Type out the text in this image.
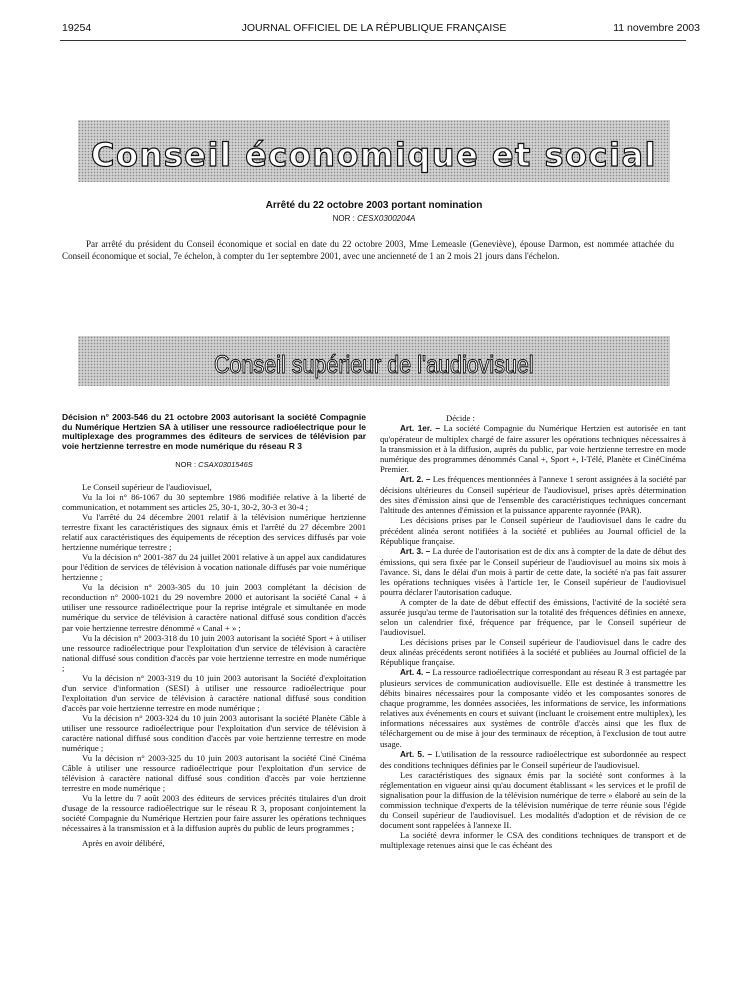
19254	JOURNAL OFFICIEL DE LA RÉPUBLIQUE FRANÇAISE	11 novembre 2003
Conseil économique et social
Arrêté du 22 octobre 2003 portant nomination
NOR : CESX0300204A

Par arrêté du président du Conseil économique et social en date du 22 octobre 2003, Mme Lemeasle (Geneviève), épouse Darmon, est nommée attachée du Conseil économique et social, 7e échelon, à compter du 1er septembre 2001, avec une ancienneté de 1 an 2 mois 21 jours dans l'échelon.

Conseil supérieur de l'audiovisuel

Décision n° 2003-546 du 21 octobre 2003 autorisant la société Compagnie du Numérique Hertzien SA à utiliser une ressource radioélectrique pour le multiplexage des programmes des éditeurs de services de télévision par voie hertzienne terrestre en mode numérique du réseau R 3

NOR : CSAX0301546S

Le Conseil supérieur de l'audiovisuel,

Vu la loi n° 86-1067 du 30 septembre 1986 modifiée relative à la liberté de communication, et notamment ses articles 25, 30-1, 30-2, 30-3 et 30-4 ;

Vu l'arrêté du 24 décembre 2001 relatif à la télévision numérique hertzienne terrestre fixant les caractéristiques des signaux émis et l'arrêté du 27 décembre 2001 relatif aux caractéristiques des équipements de réception des services diffusés par voie hertzienne numérique terrestre ;

Vu la décision n° 2001-387 du 24 juillet 2001 relative à un appel aux candidatures pour l'édition de services de télévision à vocation nationale diffusés par voie numérique hertzienne ;

Vu la décision n° 2003-305 du 10 juin 2003 complétant la décision de reconduction n° 2000-1021 du 29 novembre 2000 et autorisant la société Canal + à utiliser une ressource radioélectrique pour la reprise intégrale et simultanée en mode numérique du service de télévision à caractère national diffusé sous condition d'accès par voie hertzienne terrestre dénommé « Canal + » ;

Vu la décision n° 2003-318 du 10 juin 2003 autorisant la société Sport + à utiliser une ressource radioélectrique pour l'exploitation d'un service de télévision à caractère national diffusé sous condition d'accès par voie hertzienne terrestre en mode numérique ;

Vu la décision n° 2003-319 du 10 juin 2003 autorisant la Société d'exploitation d'un service d'information (SESI) à utiliser une ressource radioélectrique pour l'exploitation d'un service de télévision à caractère national diffusé sous condition d'accès par voie hertzienne terrestre en mode numérique ;

Vu la décision n° 2003-324 du 10 juin 2003 autorisant la société Planète Câble à utiliser une ressource radioélectrique pour l'exploitation d'un service de télévision à caractère national diffusé sous condition d'accès par voie hertzienne terrestre en mode numérique ;

Vu la décision n° 2003-325 du 10 juin 2003 autorisant la société Ciné Cinéma Câble à utiliser une ressource radioélectrique pour l'exploitation d'un service de télévision à caractère national diffusé sous condition d'accès par voie hertzienne terrestre en mode numérique ;

Vu la lettre du 7 août 2003 des éditeurs de services précités titulaires d'un droit d'usage de la ressource radioélectrique sur le réseau R 3, proposant conjointement la société Compagnie du Numérique Hertzien pour faire assurer les opérations techniques nécessaires à la transmission et à la diffusion auprès du public de leurs programmes ;

Après en avoir délibéré,

Décide :

Art. 1er. – La société Compagnie du Numérique Hertzien est autorisée en tant qu'opérateur de multiplex chargé de faire assurer les opérations techniques nécessaires à la transmission et à la diffusion, auprès du public, par voie hertzienne terrestre en mode numérique des programmes dénommés Canal +, Sport +, I-Télé, Planète et CinéCinéma Premier.

Art. 2. – Les fréquences mentionnées à l'annexe 1 seront assignées à la société par décisions ultérieures du Conseil supérieur de l'audiovisuel, prises après détermination des sites d'émission ainsi que de l'ensemble des caractéristiques techniques concernant l'altitude des antennes d'émission et la puissance apparente rayonnée (PAR).

Les décisions prises par le Conseil supérieur de l'audiovisuel dans le cadre du précédent alinéa seront notifiées à la société et publiées au Journal officiel de la République française.

Art. 3. – La durée de l'autorisation est de dix ans à compter de la date de début des émissions, qui sera fixée par le Conseil supérieur de l'audiovisuel au moins six mois à l'avance. Si, dans le délai d'un mois à partir de cette date, la société n'a pas fait assurer les opérations techniques visées à l'article 1er, le Conseil supérieur de l'audiovisuel pourra déclarer l'autorisation caduque.

A compter de la date de début effectif des émissions, l'activité de la société sera assurée jusqu'au terme de l'autorisation sur la totalité des fréquences définies en annexe, selon un calendrier fixé, fréquence par fréquence, par le Conseil supérieur de l'audiovisuel.

Les décisions prises par le Conseil supérieur de l'audiovisuel dans le cadre des deux alinéas précédents seront notifiées à la société et publiées au Journal officiel de la République française.

Art. 4. – La ressource radioélectrique correspondant au réseau R 3 est partagée par plusieurs services de communication audiovisuelle. Elle est destinée à transmettre les débits binaires nécessaires pour la composante vidéo et les composantes sonores de chaque programme, les données associées, les informations de service, les informations relatives aux événements en cours et suivant (incluant le croisement entre multiplex), les informations nécessaires aux systèmes de contrôle d'accès ainsi que les flux de téléchargement ou de mise à jour des terminaux de réception, à l'exclusion de tout autre usage.

Art. 5. – L'utilisation de la ressource radioélectrique est subordonnée au respect des conditions techniques définies par le Conseil supérieur de l'audiovisuel.

Les caractéristiques des signaux émis par la société sont conformes à la réglementation en vigueur ainsi qu'au document établissant « les services et le profil de signalisation pour la diffusion de la télévision numérique de terre » élaboré au sein de la commission technique d'experts de la télévision numérique de terre réunie sous l'égide du Conseil supérieur de l'audiovisuel. Les modalités d'adoption et de révision de ce document sont rappelées à l'annexe II.

La société devra informer le CSA des conditions techniques de transport et de multiplexage retenues ainsi que le cas échéant des
